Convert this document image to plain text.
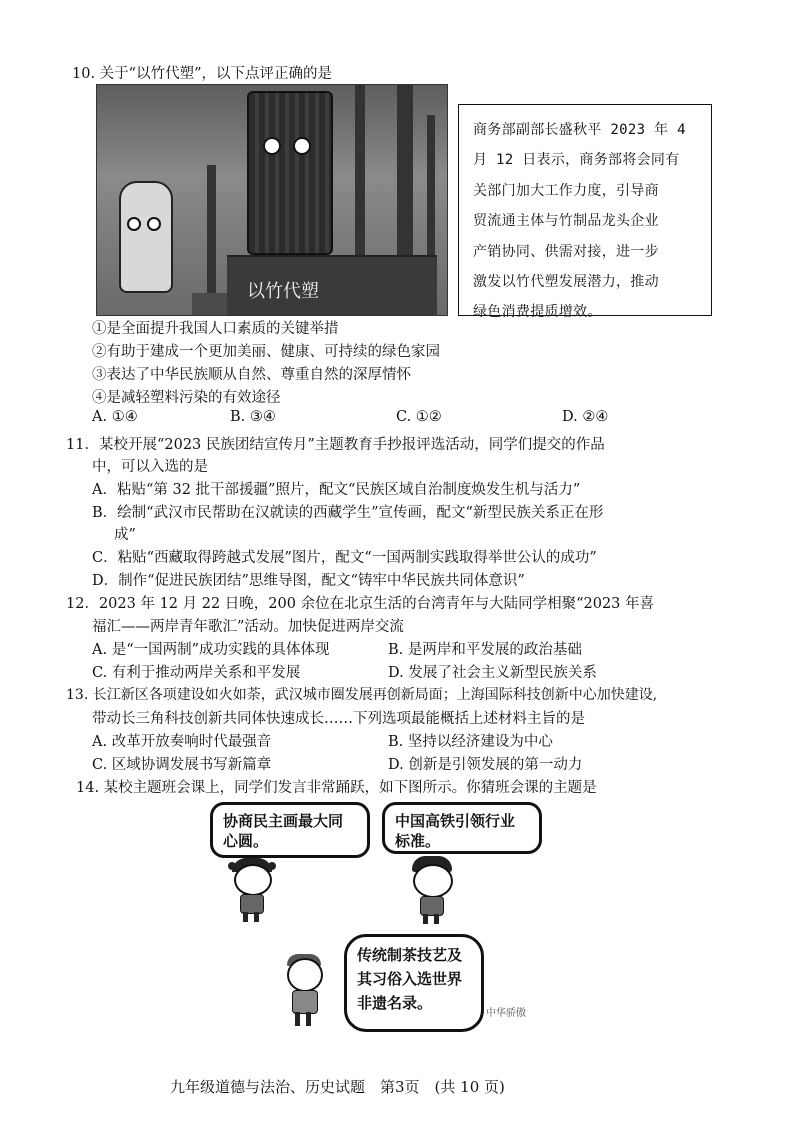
10. 关于“以竹代塑”，以下点评正确的是
以竹代塑
商务部副部长盛秋平 2023 年 4
月 12 日表示，商务部将会同有
关部门加大工作力度，引导商
贸流通主体与竹制品龙头企业
产销协同、供需对接，进一步
激发以竹代塑发展潜力，推动
绿色消费提质增效。
①是全面提升我国人口素质的关键举措
②有助于建成一个更加美丽、健康、可持续的绿色家园
③表达了中华民族顺从自然、尊重自然的深厚情怀
④是减轻塑料污染的有效途径
A. ①④	B. ③④	C. ①②	D. ②④
11．某校开展“2023 民族团结宣传月”主题教育手抄报评选活动，同学们提交的作品
中，可以入选的是
A．粘贴“第 32 批干部援疆”照片，配文“民族区域自治制度焕发生机与活力”
B．绘制“武汉市民帮助在汉就读的西藏学生”宣传画，配文“新型民族关系正在形
成”
C．粘贴“西藏取得跨越式发展”图片，配文“一国两制实践取得举世公认的成功”
D．制作“促进民族团结”思维导图，配文“铸牢中华民族共同体意识”
12．2023 年 12 月 22 日晚，200 余位在北京生活的台湾青年与大陆同学相聚“2023 年喜
福汇——两岸青年歌汇”活动。加快促进两岸交流
A. 是“一国两制”成功实践的具体体现	B. 是两岸和平发展的政治基础
C. 有利于推动两岸关系和平发展	D. 发展了社会主义新型民族关系
13. 长江新区各项建设如火如荼，武汉城市圈发展再创新局面；上海国际科技创新中心加快建设,
带动长三角科技创新共同体快速成长……下列选项最能概括上述材料主旨的是
A. 改革开放奏响时代最强音	B. 坚持以经济建设为中心
C. 区域协调发展书写新篇章	D. 创新是引领发展的第一动力
14. 某校主题班会课上，同学们发言非常踊跃，如下图所示。你猜班会课的主题是
协商民主画最大同
心圆。
中国高铁引领行业
标准。
传统制茶技艺及
其习俗入选世界
非遗名录。
中华骄傲
九年级道德与法治、历史试题　第3页　(共 10 页)
